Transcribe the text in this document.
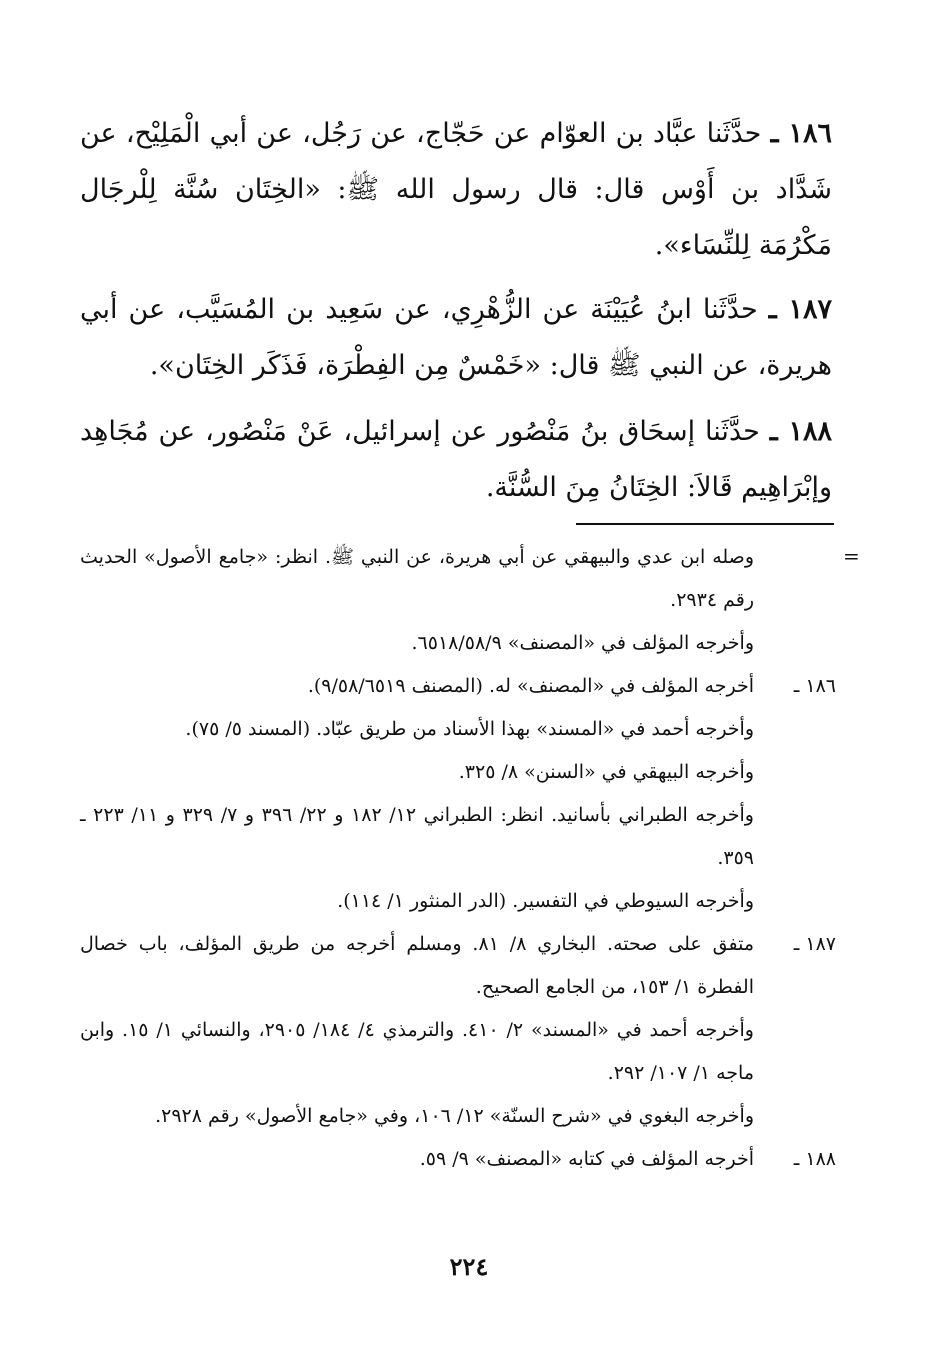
١٨٦ ـ حدَّثَنا عبَّاد بن العوّام عن حَجّاج، عن رَجُل، عن أبي الْمَلِيْح، عن شَدَّاد بن أَوْس قال: قال رسول الله ﷺ: «الخِتَان سُنَّة لِلْرجَال مَكْرُمَة لِلنِّسَاء».

١٨٧ ـ حدَّثَنا ابنُ عُيَيْنَة عن الزُّهْرِي، عن سَعِيد بن المُسَيَّب، عن أبي هريرة، عن النبي ﷺ قال: «خَمْسٌ مِن الفِطْرَة، فَذَكَر الخِتَان».

١٨٨ ـ حدَّثَنا إسحَاق بنُ مَنْصُور عن إسرائيل، عَنْ مَنْصُور، عن مُجَاهِد وإبْرَاهِيم قَالاَ: الخِتَانُ مِنَ السُّنَّة.

=

وصله ابن عدي والبيهقي عن أبي هريرة، عن النبي ﷺ. انظر: «جامع الأصول» الحديث رقم ٢٩٣٤.

وأخرجه المؤلف في «المصنف» ٦٥١٨/٥٨/٩.

١٨٦ ـ
أخرجه المؤلف في «المصنف» له. (المصنف ٩/٥٨/٦٥١٩).

وأخرجه أحمد في «المسند» بهذا الأسناد من طريق عبّاد. (المسند ٥/ ٧٥).

وأخرجه البيهقي في «السنن» ٨/ ٣٢٥.

وأخرجه الطبراني بأسانيد. انظر: الطبراني ١٢/ ١٨٢ و ٢٢/ ٣٩٦ و ٧/ ٣٢٩ و ١١/ ٢٢٣ ـ ٣٥٩.

وأخرجه السيوطي في التفسير. (الدر المنثور ١/ ١١٤).

١٨٧ ـ
متفق على صحته. البخاري ٨/ ٨١. ومسلم أخرجه من طريق المؤلف، باب خصال الفطرة ١/ ١٥٣، من الجامع الصحيح.

وأخرجه أحمد في «المسند» ٢/ ٤١٠. والترمذي ٤/ ١٨٤/ ٢٩٠٥، والنسائي ١/ ١٥. وابن ماجه ١/ ١٠٧/ ٢٩٢.

وأخرجه البغوي في «شرح السنّة» ١٢/ ١٠٦، وفي «جامع الأصول» رقم ٢٩٢٨.

١٨٨ ـ
أخرجه المؤلف في كتابه «المصنف» ٩/ ٥٩.

٢٢٤
